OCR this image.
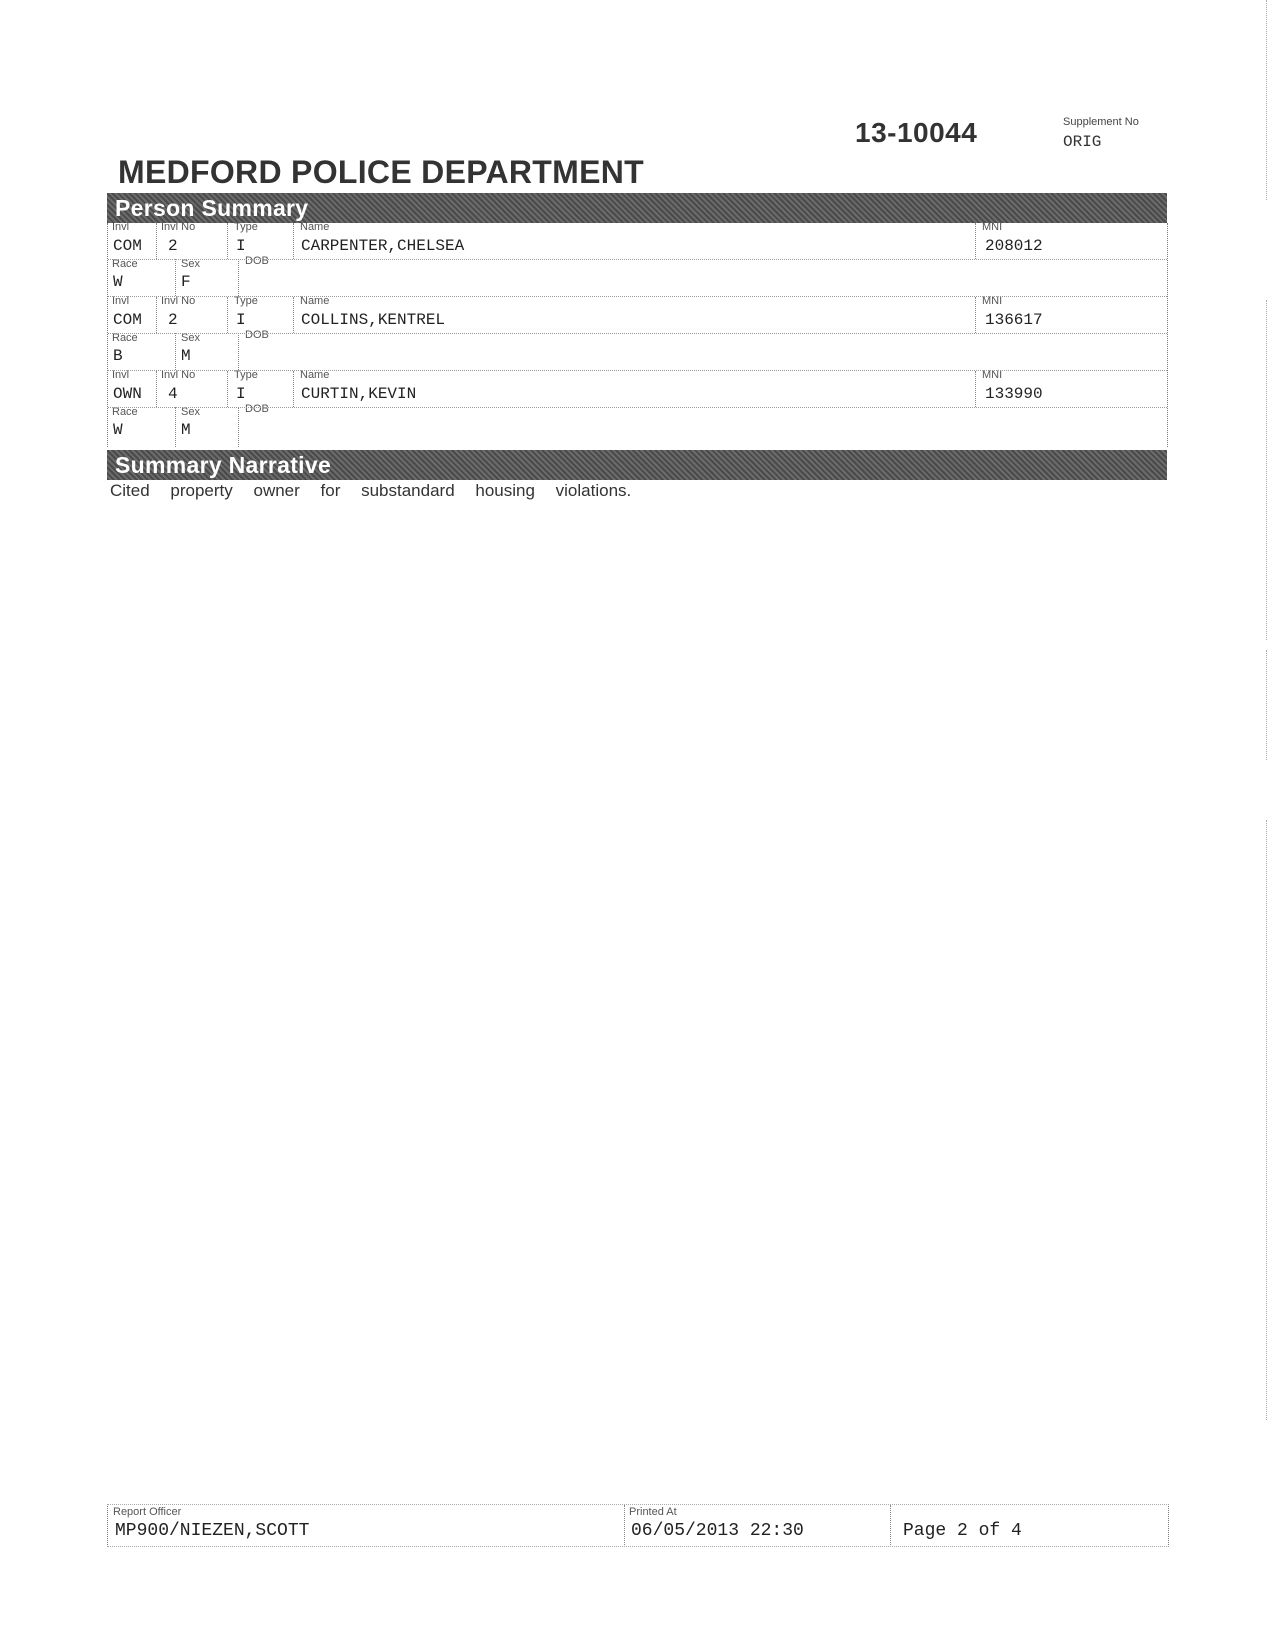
13-10044	Supplement No
ORIG
MEDFORD POLICE DEPARTMENT
Person Summary
Invl	Invl No	Type	Name	MNI
COM 2	I	CARPENTER,CHELSEA	208012
Race	Sex	DOB
W	F
Invl	Invl No	Type	Name	MNI
COM 2	I	COLLINS,KENTREL	136617
Race	Sex	DOB
B	M
Invl	Invl No	Type	Name	MNI
OWN 4	I	CURTIN,KEVIN	133990
Race	Sex	DOB
W	M
Summary Narrative
Cited property owner for substandard housing violations.
Report Officer
MP900/NIEZEN,SCOTT
Printed At
06/05/2013 22:30	Page 2 of 4
